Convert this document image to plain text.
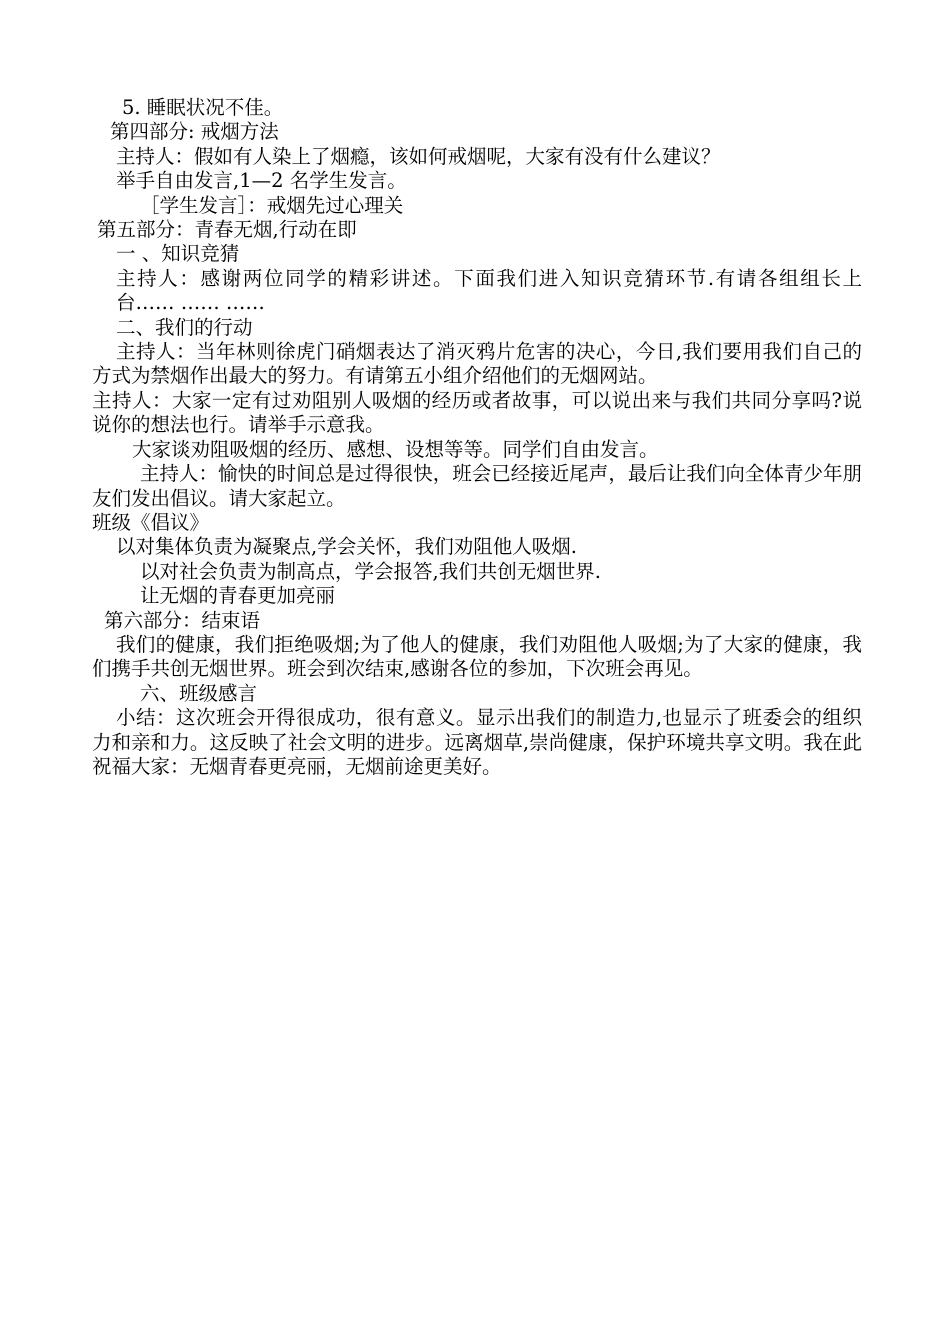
5. 睡眠状况不佳。

第四部分: 戒烟方法

主持人：假如有人染上了烟瘾，该如何戒烟呢，大家有没有什么建议？

举手自由发言,1—2 名学生发言。

［学生发言］：戒烟先过心理关

第五部分：青春无烟,行动在即

一 、知识竞猜

主持人：感谢两位同学的精彩讲述。下面我们进入知识竞猜环节.有请各组组长上台…… …… ……

二、我们的行动

主持人：当年林则徐虎门硝烟表达了消灭鸦片危害的决心，今日,我们要用我们自己的方式为禁烟作出最大的努力。有请第五小组介绍他们的无烟网站。

主持人：大家一定有过劝阻别人吸烟的经历或者故事，可以说出来与我们共同分享吗?说说你的想法也行。请举手示意我。

大家谈劝阻吸烟的经历、感想、设想等等。同学们自由发言。

主持人：愉快的时间总是过得很快，班会已经接近尾声，最后让我们向全体青少年朋友们发出倡议。请大家起立。

班级《倡议》

以对集体负责为凝聚点,学会关怀，我们劝阻他人吸烟.

以对社会负责为制高点，学会报答,我们共创无烟世界.

让无烟的青春更加亮丽

第六部分：结束语

我们的健康，我们拒绝吸烟;为了他人的健康，我们劝阻他人吸烟;为了大家的健康，我们携手共创无烟世界。班会到次结束,感谢各位的参加，下次班会再见。

六、班级感言

小结：这次班会开得很成功，很有意义。显示出我们的制造力,也显示了班委会的组织力和亲和力。这反映了社会文明的进步。远离烟草,崇尚健康，保护环境共享文明。我在此祝福大家：无烟青春更亮丽，无烟前途更美好。
